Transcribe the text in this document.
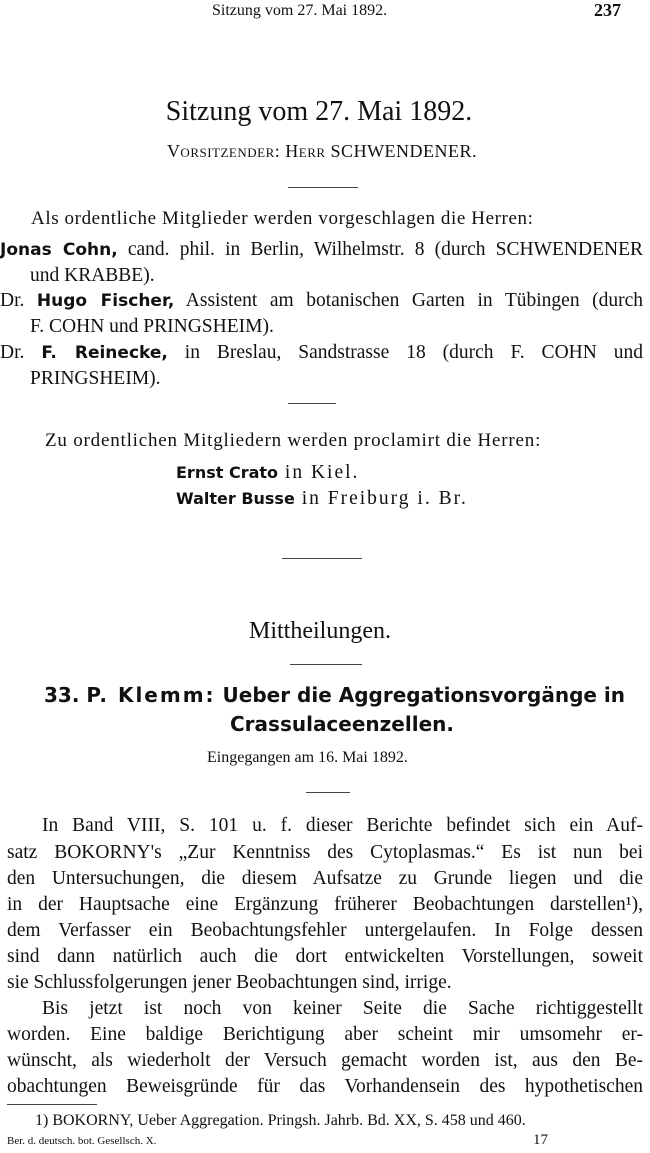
Sitzung vom 27. Mai 1892.	237
Sitzung vom 27. Mai 1892.
Vorsitzender: Herr SCHWENDENER.
Als ordentliche Mitglieder werden vorgeschlagen die Herren:
Jonas Cohn, cand. phil. in Berlin, Wilhelmstr. 8 (durch SCHWENDENER
und KRABBE).
Dr. Hugo Fischer, Assistent am botanischen Garten in Tübingen (durch
F. COHN und PRINGSHEIM).
Dr. F. Reinecke, in Breslau, Sandstrasse 18 (durch F. COHN und
PRINGSHEIM).
Zu ordentlichen Mitgliedern werden proclamirt die Herren:
Ernst Crato in Kiel.
Walter Busse in Freiburg i. Br.
Mittheilungen.
33. P. Klemm: Ueber die Aggregationsvorgänge in
Crassulaceenzellen.
Eingegangen am 16. Mai 1892.
In Band VIII, S. 101 u. f. dieser Berichte befindet sich ein Auf-
satz BOKORNY's „Zur Kenntniss des Cytoplasmas.“ Es ist nun bei
den Untersuchungen, die diesem Aufsatze zu Grunde liegen und die
in der Hauptsache eine Ergänzung früherer Beobachtungen darstellen¹),
dem Verfasser ein Beobachtungsfehler untergelaufen. In Folge dessen
sind dann natürlich auch die dort entwickelten Vorstellungen, soweit
sie Schlussfolgerungen jener Beobachtungen sind, irrige.
Bis jetzt ist noch von keiner Seite die Sache richtiggestellt
worden. Eine baldige Berichtigung aber scheint mir umsomehr er-
wünscht, als wiederholt der Versuch gemacht worden ist, aus den Be-
obachtungen Beweisgründe für das Vorhandensein des hypothetischen
1) BOKORNY, Ueber Aggregation. Pringsh. Jahrb. Bd. XX, S. 458 und 460.
Ber. d. deutsch. bot. Gesellsch. X.	17
